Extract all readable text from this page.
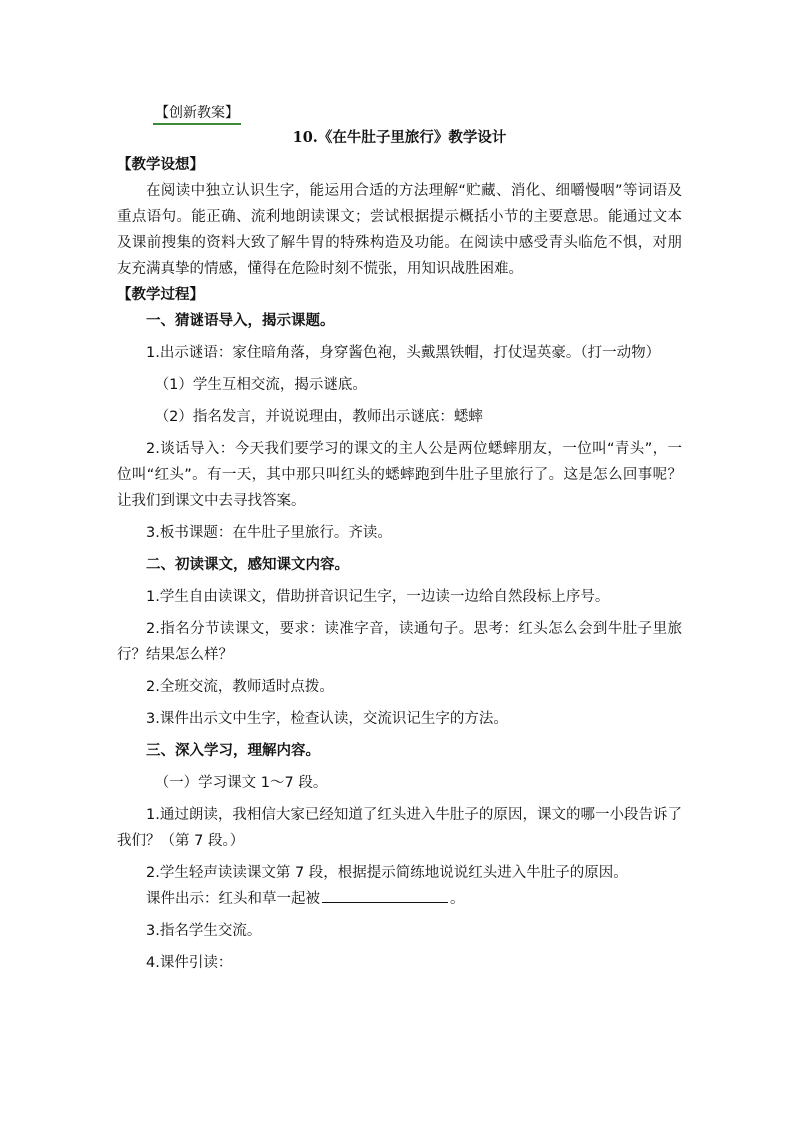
【创新教案】
10.《在牛肚子里旅行》教学设计

【教学设想】

在阅读中独立认识生字，能运用合适的方法理解“贮藏、消化、细嚼慢咽”等词语及重点语句。能正确、流利地朗读课文；尝试根据提示概括小节的主要意思。能通过文本及课前搜集的资料大致了解牛胃的特殊构造及功能。在阅读中感受青头临危不惧，对朋友充满真挚的情感，懂得在危险时刻不慌张，用知识战胜困难。

【教学过程】

一、猜谜语导入，揭示课题。

1.出示谜语：家住暗角落，身穿酱色袍，头戴黑铁帽，打仗逞英豪。（打一动物）

（1）学生互相交流，揭示谜底。

（2）指名发言，并说说理由，教师出示谜底：蟋蟀

2.谈话导入：今天我们要学习的课文的主人公是两位蟋蟀朋友，一位叫“青头”，一位叫“红头”。有一天，其中那只叫红头的蟋蟀跑到牛肚子里旅行了。这是怎么回事呢？让我们到课文中去寻找答案。

3.板书课题：在牛肚子里旅行。齐读。

二、初读课文，感知课文内容。

1.学生自由读课文，借助拼音识记生字，一边读一边给自然段标上序号。

2.指名分节读课文，要求：读准字音，读通句子。思考：红头怎么会到牛肚子里旅行？结果怎么样？

2.全班交流，教师适时点拨。

3.课件出示文中生字，检查认读，交流识记生字的方法。

三、深入学习，理解内容。

（一）学习课文 1～7 段。

1.通过朗读，我相信大家已经知道了红头进入牛肚子的原因，课文的哪一小段告诉了我们？（第 7 段。）

2.学生轻声读读课文第 7 段，根据提示简练地说说红头进入牛肚子的原因。

课件出示：红头和草一起被	。

3.指名学生交流。

4.课件引读：
